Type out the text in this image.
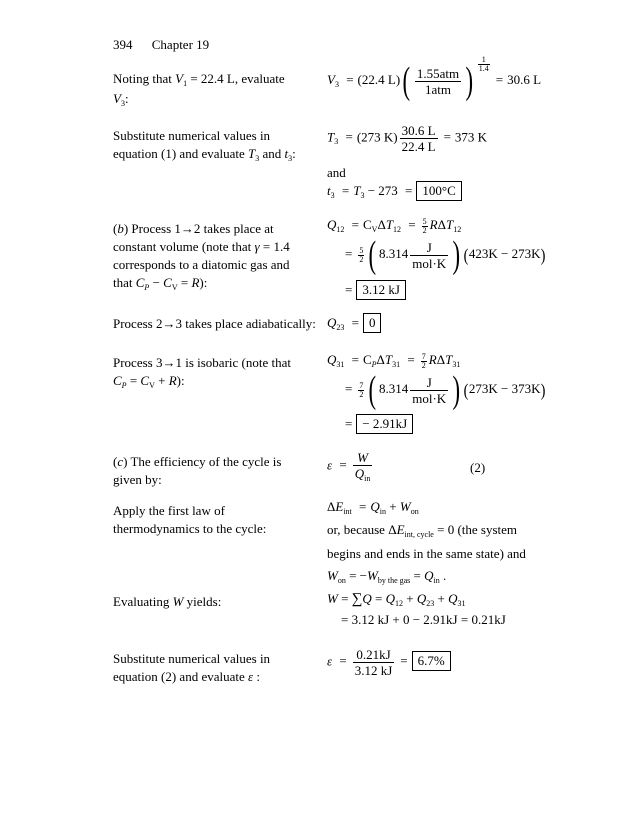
394 Chapter 19
Noting that $V_1 = 22.4$ L, evaluate $V_3$:
$V_3 = (22.4$ $L)( \frac{\text{1.55atm}}{\text{1atm}}$ ) $^{\frac{1}{1.4}}$
= 30.6 L
Substitute numerical values in equation (1) and evaluate $T_3$ and $t_3$:
$T_3 = (273$ $K) \frac{30.6 L}{22.4 L} = 373$ K
and
$t_3 = T_3 - 273 = 100^\circ C$
(b) Process 1→2 takes place at constant volume (note that γ = 1.4 corresponds to a diatomic gas and that $C_P - C_V = R$):
$Q_{12} = C_V\Delta T_{12} = \frac{5}{2} R\Delta T_{12}$
= $\frac{5}{2}$ ( $8.314 \frac{J}{\text{mol·K}}$ ) (423K − 273K)
= 3.12 kJ
Process 2→3 takes place adiabatically: $Q_{23} = 0$
Process 3→1 is isobaric (note that $C_P = C_V + R$):
$Q_{31} = C_P\Delta T_{31} = \frac{7}{2} R\Delta T_{31}$
= $\frac{7}{2}$ ( $8.314 \frac{J}{\text{mol·K}}$ ) (273K − 373K)
= − 2.91kJ
(c) The efficiency of the cycle is given by:
$\varepsilon = \frac{W}{Q_{in}}$	(2)
Apply the first law of thermodynamics to the cycle:
$\Delta E_{int} = Q_{in} + W_{on}$
or, because $\Delta E_{int, cycle} = 0$ (the system begins and ends in the same state) and
$W_{on} = -W_{by the gas} = Q_{in}$ .
Evaluating W yields:	$W = \sum Q = Q_{12} + Q_{23} + Q_{31}$
= 3.12 kJ + 0 − 2.91kJ = 0.21kJ
Substitute numerical values in equation (2) and evaluate ε :
$\varepsilon = \frac{0.21kJ}{3.12 kJ} = 6.7\%$
